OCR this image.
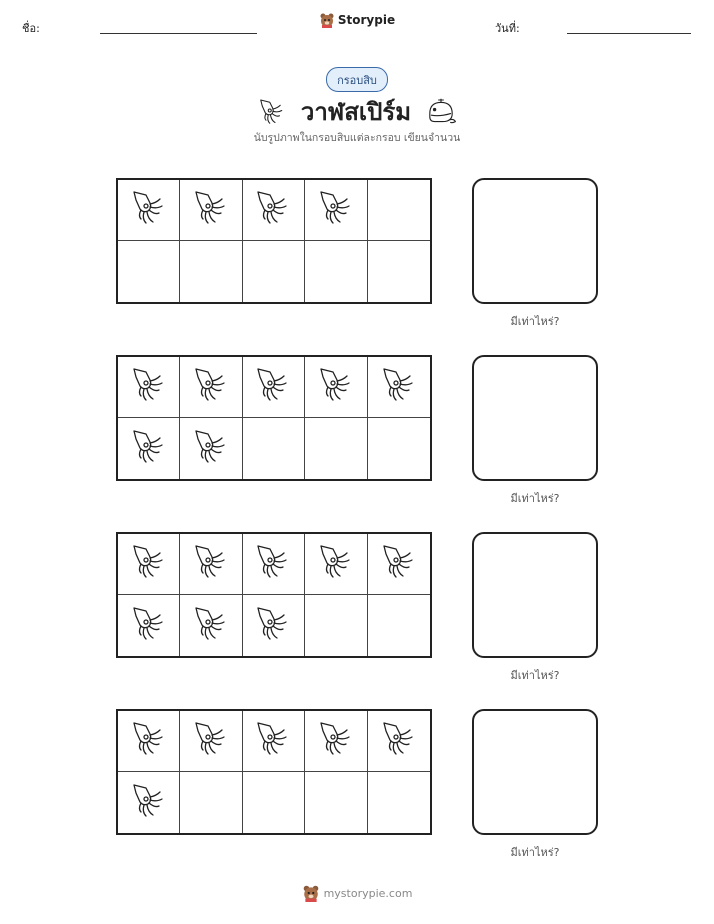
ชื่อ:
Storypie
วันที่:
กรอบสิบ
วาฬสเปิร์ม
นับรูปภาพในกรอบสิบแต่ละกรอบ เขียนจำนวน
มีเท่าไหร่?
มีเท่าไหร่?
มีเท่าไหร่?
มีเท่าไหร่?
mystorypie.com
